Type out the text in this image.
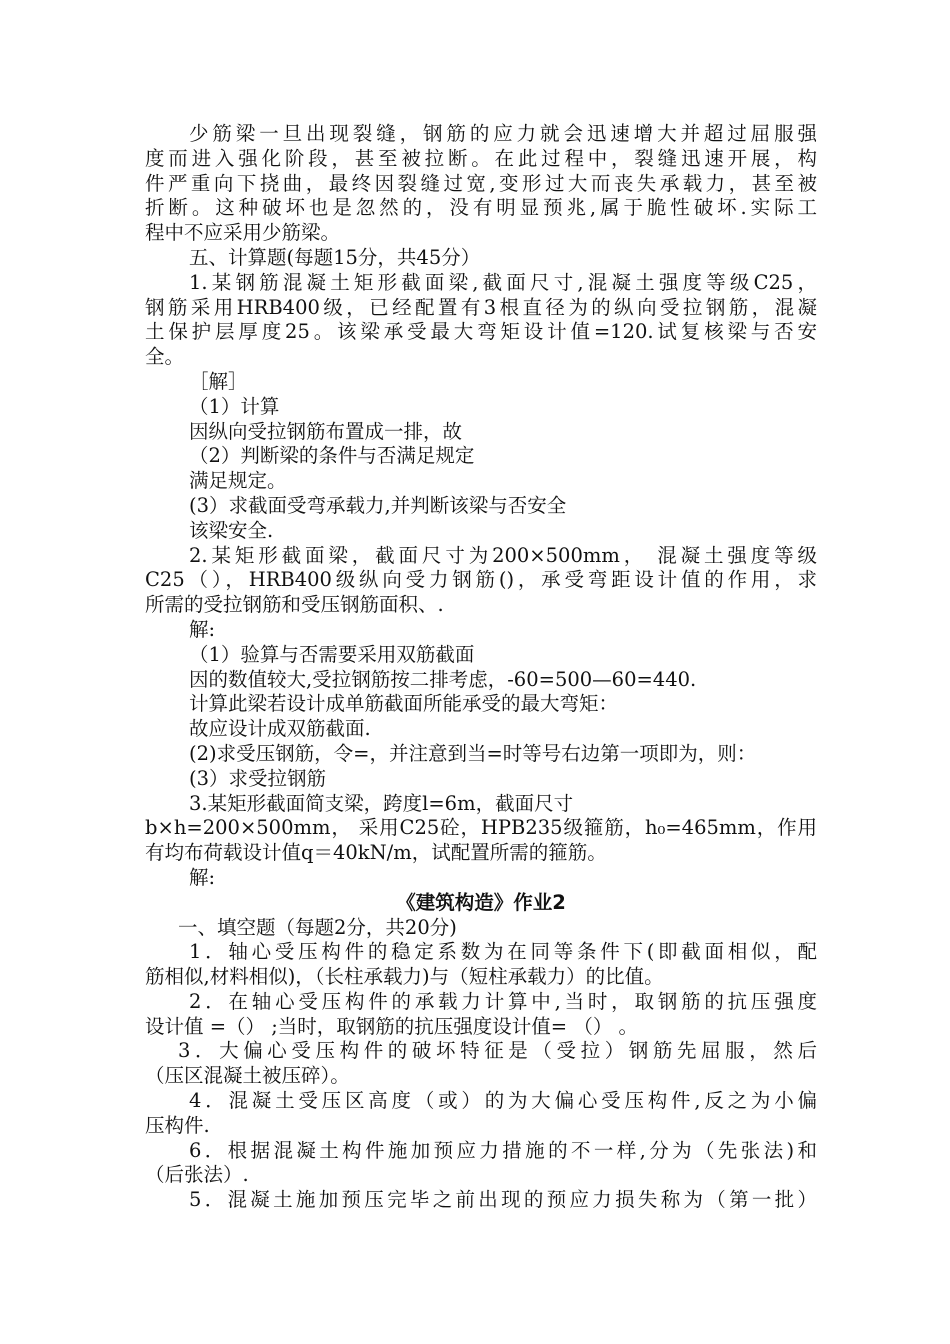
少筋梁一旦出现裂缝，钢筋的应力就会迅速增大并超过屈服强
度而进入强化阶段，甚至被拉断。在此过程中，裂缝迅速开展，构
件严重向下挠曲，最终因裂缝过宽,变形过大而丧失承载力，甚至被
折断。这种破坏也是忽然的，没有明显预兆,属于脆性破坏.实际工
程中不应采用少筋梁。
五、计算题(每题15分，共45分）
1.某钢筋混凝土矩形截面梁,截面尺寸,混凝土强度等级C25，
钢筋采用HRB400级，已经配置有3根直径为的纵向受拉钢筋，混凝
土保护层厚度25。该梁承受最大弯矩设计值=120.试复核梁与否安
全。
［解］
（1）计算
因纵向受拉钢筋布置成一排，故
（2）判断梁的条件与否满足规定
满足规定。
(3）求截面受弯承载力,并判断该梁与否安全
该梁安全.
2.某矩形截面梁，截面尺寸为200×500mm， 混凝土强度等级
C25（），HRB400级纵向受力钢筋()，承受弯距设计值的作用，求
所需的受拉钢筋和受压钢筋面积、.
解:
（1）验算与否需要采用双筋截面
因的数值较大,受拉钢筋按二排考虑，-60=500—60=440.
计算此梁若设计成单筋截面所能承受的最大弯矩：
故应设计成双筋截面.
(2)求受压钢筋，令=，并注意到当=时等号右边第一项即为，则：
(3）求受拉钢筋
3.某矩形截面简支梁，跨度l=6m，截面尺寸
b×h=200×500mm， 采用C25砼，HPB235级箍筋，h₀=465mm，作用
有均布荷载设计值q＝40kN/m，试配置所需的箍筋。
解:
《建筑构造》作业2
一、填空题（每题2分，共20分)
1．轴心受压构件的稳定系数为在同等条件下(即截面相似，配
筋相似,材料相似)，（长柱承载力)与（短柱承载力）的比值。
2．在轴心受压构件的承载力计算中,当时，取钢筋的抗压强度
设计值 =（） ;当时，取钢筋的抗压强度设计值= （） 。
3．大偏心受压构件的破坏特征是（受拉）钢筋先屈服，然后
（压区混凝土被压碎）。
4．混凝土受压区高度（或）的为大偏心受压构件,反之为小偏
压构件.
6．根据混凝土构件施加预应力措施的不一样,分为（先张法)和
（后张法）.
5．混凝土施加预压完毕之前出现的预应力损失称为（第一批）
